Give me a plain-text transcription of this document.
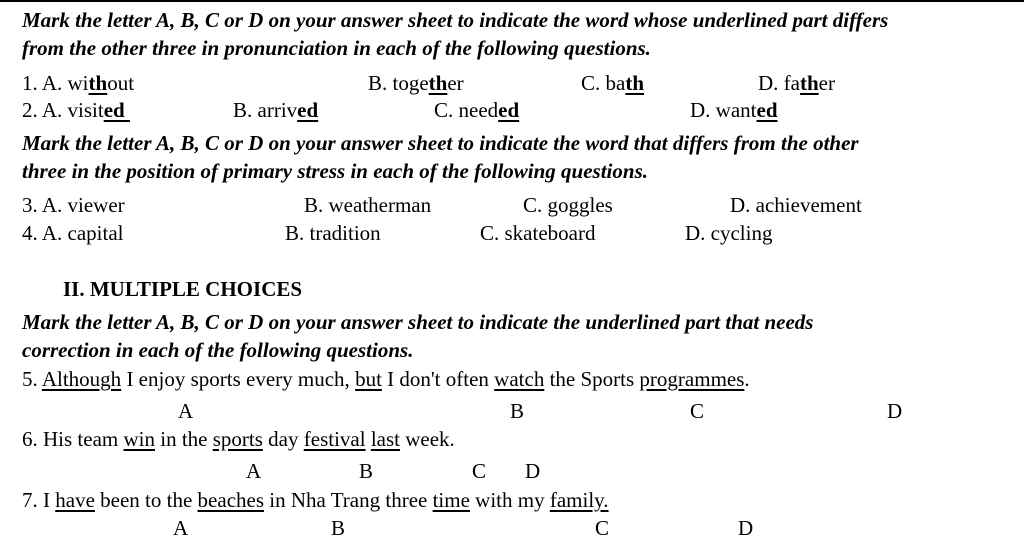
Mark the letter A, B, C or D on your answer sheet to indicate the word whose underlined part differs
from the other three in pronunciation in each of the following questions.
1. A. without	B. together	C. bath	D. father
2. A. visited	B. arrived	C. needed	D. wanted
Mark the letter A, B, C or D on your answer sheet to indicate the word that differs from the other
three in the position of primary stress in each of the following questions.
3. A. viewer	B. weatherman	C. goggles	D. achievement
4. A. capital	B. tradition	C. skateboard	D. cycling
II. MULTIPLE CHOICES
Mark the letter A, B, C or D on your answer sheet to indicate the underlined part that needs
correction in each of the following questions.
5. Although I enjoy sports every much, but I don't often watch the Sports programmes.
A	B	C	D
6. His team win in the sports day festival last week.
A	B	C D
7. I have been to the beaches in Nha Trang three time with my family.
A	B	C	D
